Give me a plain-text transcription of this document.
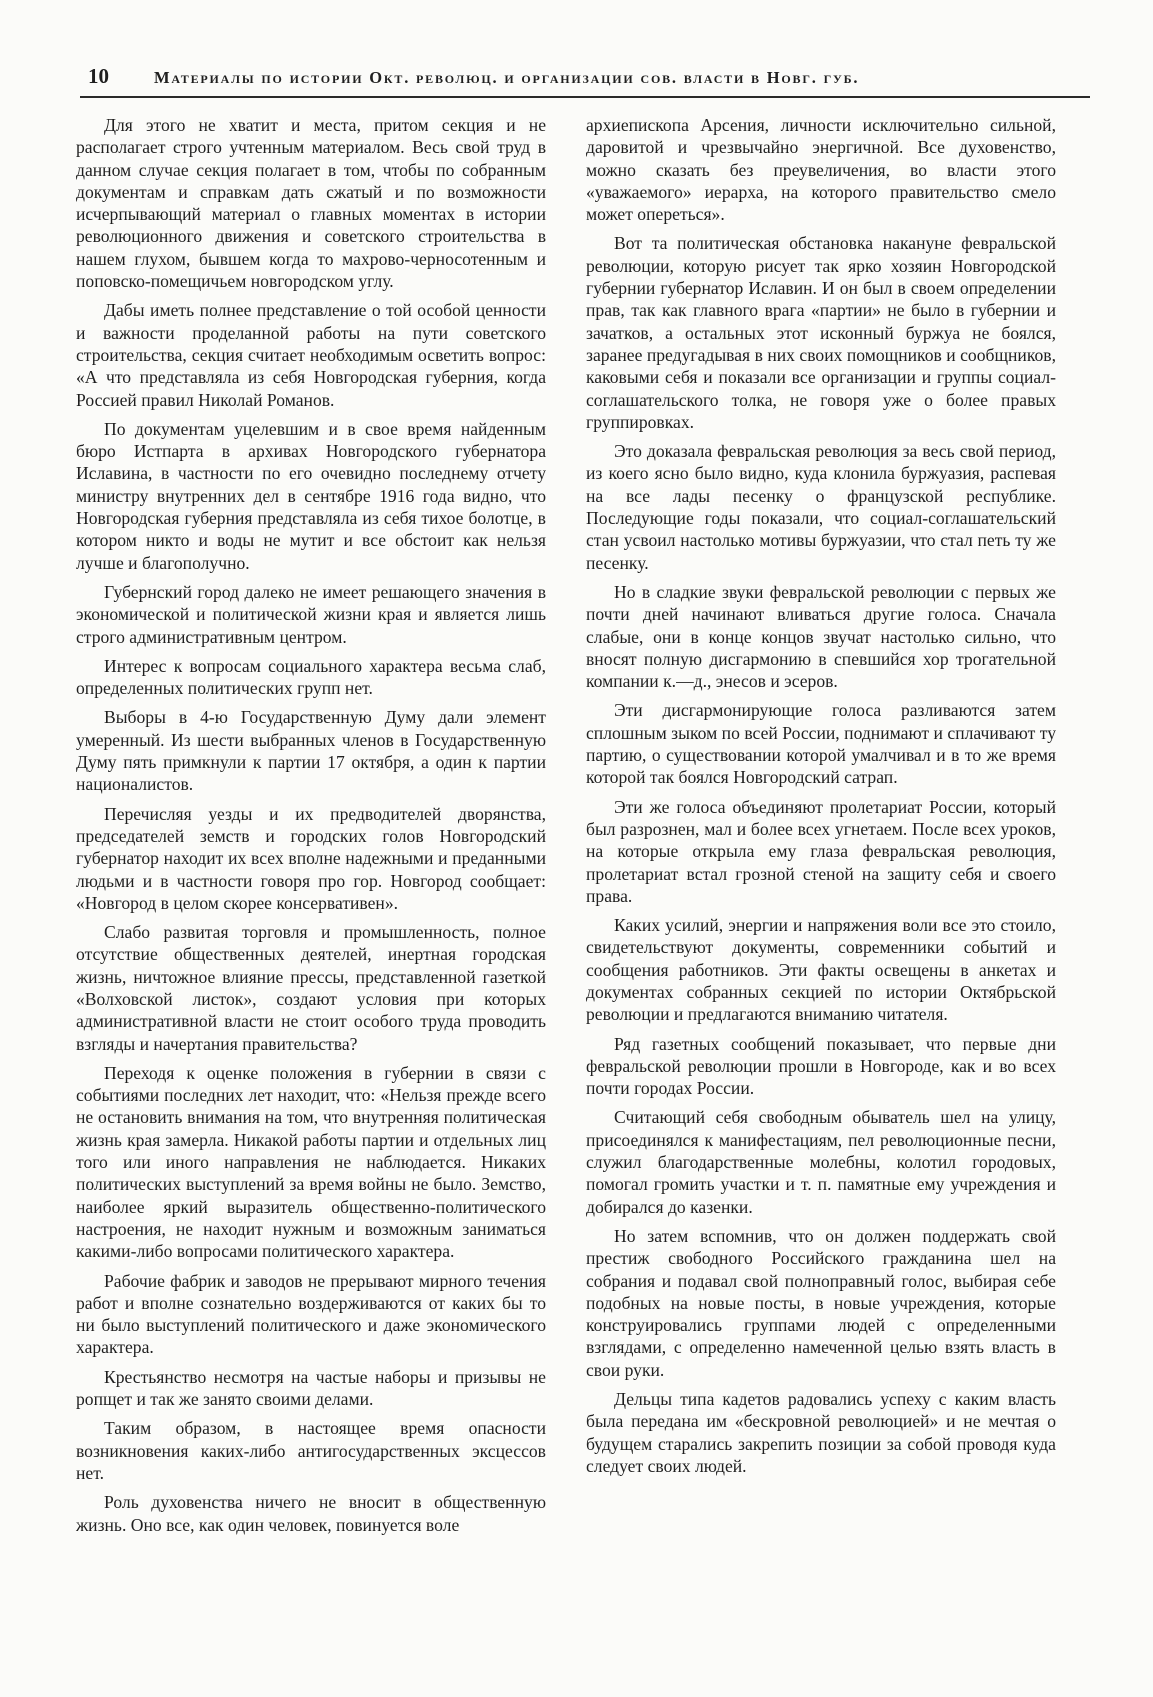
10	Материалы по истории Окт. революц. и организации сов. власти в Новг. губ.

Для этого не хватит и места, притом секция и не располагает строго учтенным материалом. Весь свой труд в данном случае секция полагает в том, чтобы по собранным документам и справкам дать сжатый и по возможности исчерпывающий материал о главных моментах в истории революционного движения и советского строительства в нашем глухом, бывшем когда то махрово-черносотенным и поповско-помещичьем новгородском углу.

Дабы иметь полнее представление о той особой ценности и важности проделанной работы на пути советского строительства, секция считает необходимым осветить вопрос: «А что представляла из себя Новгородская губерния, когда Россией правил Николай Романов.

По документам уцелевшим и в свое время найденным бюро Истпарта в архивах Новгородского губернатора Иславина, в частности по его очевидно последнему отчету министру внутренних дел в сентябре 1916 года видно, что Новгородская губерния представляла из себя тихое болотце, в котором никто и воды не мутит и все обстоит как нельзя лучше и благополучно.

Губернский город далеко не имеет решающего значения в экономической и политической жизни края и является лишь строго административным центром.

Интерес к вопросам социального характера весьма слаб, определенных политических групп нет.

Выборы в 4-ю Государственную Думу дали элемент умеренный. Из шести выбранных членов в Государственную Думу пять примкнули к партии 17 октября, а один к партии националистов.

Перечисляя уезды и их предводителей дворянства, председателей земств и городских голов Новгородский губернатор находит их всех вполне надежными и преданными людьми и в частности говоря про гор. Новгород сообщает: «Новгород в целом скорее консервативен».

Слабо развитая торговля и промышленность, полное отсутствие общественных деятелей, инертная городская жизнь, ничтожное влияние прессы, представленной газеткой «Волховской листок», создают условия при которых административной власти не стоит особого труда проводить взгляды и начертания правительства?

Переходя к оценке положения в губернии в связи с событиями последних лет находит, что: «Нельзя прежде всего не остановить внимания на том, что внутренняя политическая жизнь края замерла. Никакой работы партии и отдельных лиц того или иного направления не наблюдается. Никаких политических выступлений за время войны не было. Земство, наиболее яркий выразитель общественно-политического настроения, не находит нужным и возможным заниматься какими-либо вопросами политического характера.

Рабочие фабрик и заводов не прерывают мирного течения работ и вполне сознательно воздерживаются от каких бы то ни было выступлений политического и даже экономического характера.

Крестьянство несмотря на частые наборы и призывы не ропщет и так же занято своими делами.

Таким образом, в настоящее время опасности возникновения каких-либо антигосударственных эксцессов нет.

Роль духовенства ничего не вносит в общественную жизнь. Оно все, как один человек, повинуется воле

архиепископа Арсения, личности исключительно сильной, даровитой и чрезвычайно энергичной. Все духовенство, можно сказать без преувеличения, во власти этого «уважаемого» иерарха, на которого правительство смело может опереться».

Вот та политическая обстановка накануне февральской революции, которую рисует так ярко хозяин Новгородской губернии губернатор Иславин. И он был в своем определении прав, так как главного врага «партии» не было в губернии и зачатков, а остальных этот исконный буржуа не боялся, заранее предугадывая в них своих помощников и сообщников, каковыми себя и показали все организации и группы социал-соглашательского толка, не говоря уже о более правых группировках.

Это доказала февральская революция за весь свой период, из коего ясно было видно, куда клонила буржуазия, распевая на все лады песенку о французской республике. Последующие годы показали, что социал-соглашательский стан усвоил настолько мотивы буржуазии, что стал петь ту же песенку.

Но в сладкие звуки февральской революции с первых же почти дней начинают вливаться другие голоса. Сначала слабые, они в конце концов звучат настолько сильно, что вносят полную дисгармонию в спевшийся хор трогательной компании к.—д., энесов и эсеров.

Эти дисгармонирующие голоса разливаются затем сплошным зыком по всей России, поднимают и сплачивают ту партию, о существовании которой умалчивал и в то же время которой так боялся Новгородский сатрап.

Эти же голоса объединяют пролетариат России, который был разрознен, мал и более всех угнетаем. После всех уроков, на которые открыла ему глаза февральская революция, пролетариат встал грозной стеной на защиту себя и своего права.

Каких усилий, энергии и напряжения воли все это стоило, свидетельствуют документы, современники событий и сообщения работников. Эти факты освещены в анкетах и документах собранных секцией по истории Октябрьской революции и предлагаются вниманию читателя.

Ряд газетных сообщений показывает, что первые дни февральской революции прошли в Новгороде, как и во всех почти городах России.

Считающий себя свободным обыватель шел на улицу, присоединялся к манифестациям, пел революционные песни, служил благодарственные молебны, колотил городовых, помогал громить участки и т. п. памятные ему учреждения и добирался до казенки.

Но затем вспомнив, что он должен поддержать свой престиж свободного Российского гражданина шел на собрания и подавал свой полноправный голос, выбирая себе подобных на новые посты, в новые учреждения, которые конструировались группами людей с определенными взглядами, с определенно намеченной целью взять власть в свои руки.

Дельцы типа кадетов радовались успеху с каким власть была передана им «бескровной революцией» и не мечтая о будущем старались закрепить позиции за собой проводя куда следует своих людей.
